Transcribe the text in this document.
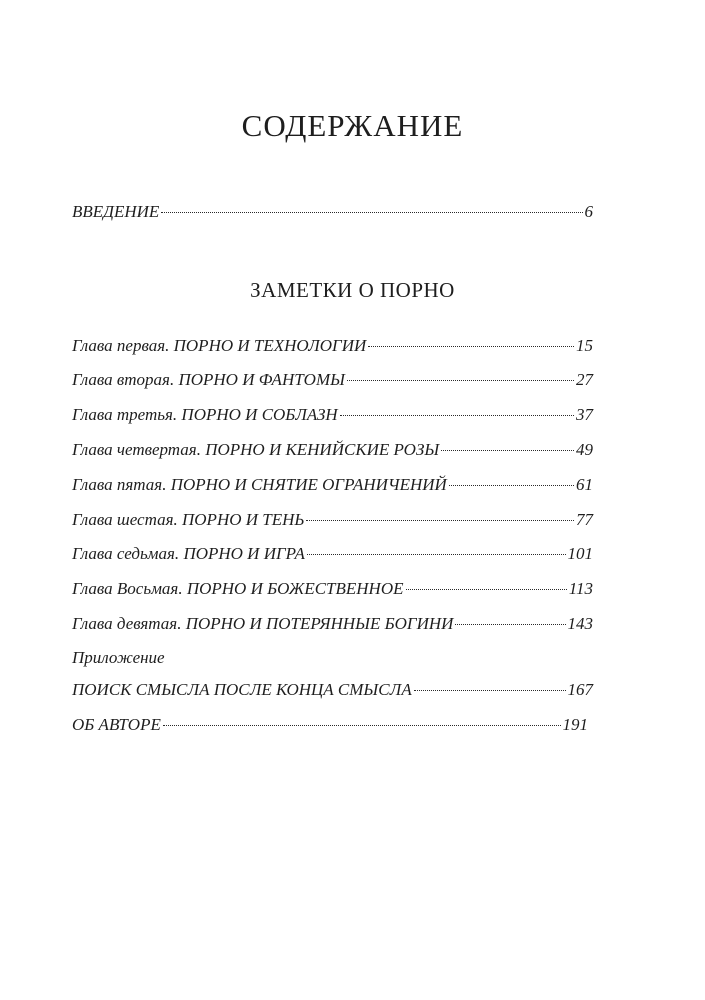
СОДЕРЖАНИЕ
ВВЕДЕНИЕ	6
ЗАМЕТКИ О ПОРНО
Глава первая. ПОРНО И ТЕХНОЛОГИИ	15
Глава вторая. ПОРНО И ФАНТОМЫ	27
Глава третья. ПОРНО И СОБЛАЗН	37
Глава четвертая. ПОРНО И КЕНИЙСКИЕ РОЗЫ	49
Глава пятая. ПОРНО И СНЯТИЕ ОГРАНИЧЕНИЙ	61
Глава шестая. ПОРНО И ТЕНЬ	77
Глава седьмая. ПОРНО И ИГРА	101
Глава Восьмая. ПОРНО И БОЖЕСТВЕННОЕ	113
Глава девятая. ПОРНО И ПОТЕРЯННЫЕ БОГИНИ	143
Приложение
ПОИСК СМЫСЛА ПОСЛЕ КОНЦА СМЫСЛА	167
ОБ АВТОРЕ	191
